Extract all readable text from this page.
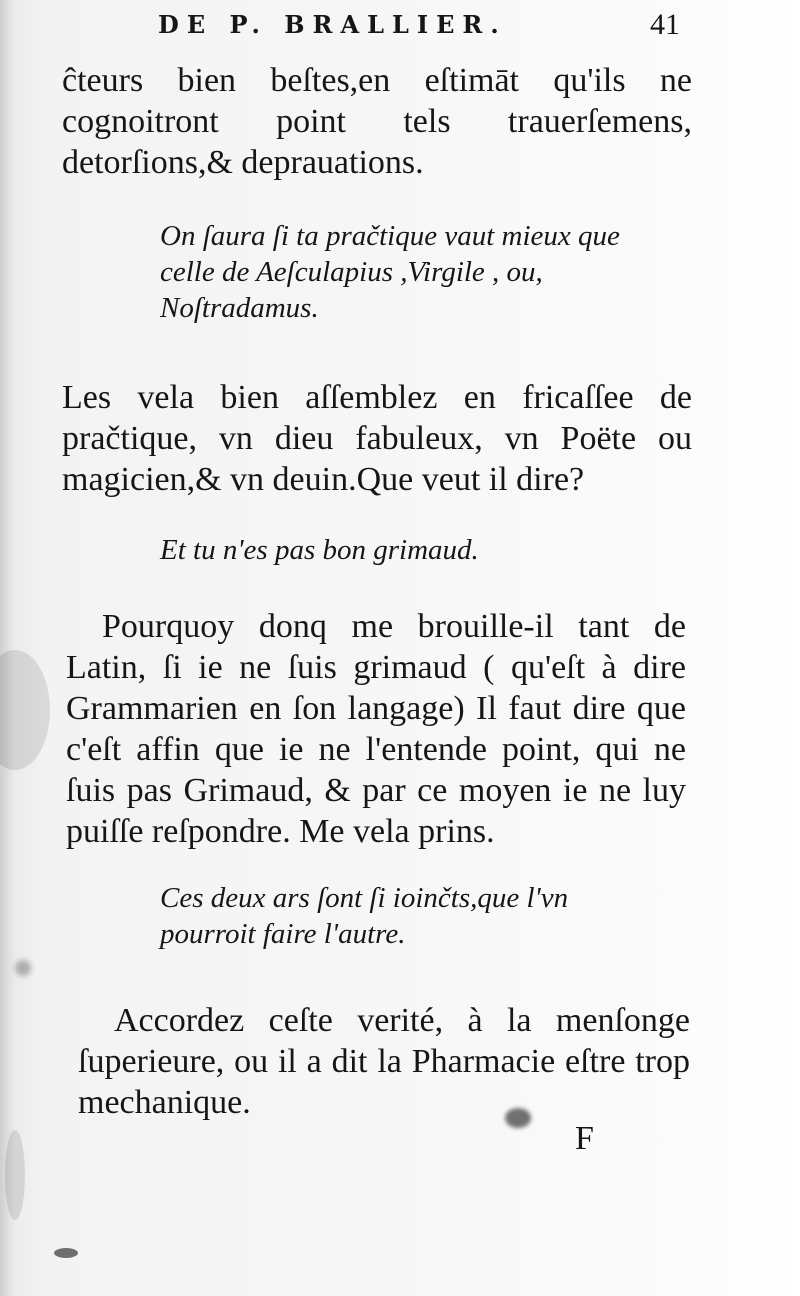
DE P. BRALLIER.	41
ĉteurs bien beſtes,en eſtimāt qu'ils ne cognoitront point tels trauerſemens, detorſions,& deprauations.
On ſaura ſi ta pračtique vaut mieux que celle de Aeſculapius ,Virgile , ou, Noſtradamus.
Les vela bien aſſemblez en fricaſſee de pračtique, vn dieu fabuleux, vn Poëte ou magicien,& vn deuin.Que veut il dire?
Et tu n'es pas bon grimaud.
Pourquoy donq me brouille-il tant de Latin, ſi ie ne ſuis grimaud ( qu'eſt à dire Grammarien en ſon langage) Il faut dire que c'eſt affin que ie ne l'entende point, qui ne ſuis pas Grimaud, & par ce moyen ie ne luy puiſſe reſpondre. Me vela prins.
Ces deux ars ſont ſi ioinčts,que l'vn pourroit faire l'autre.
Accordez ceſte verité, à la menſonge ſuperieure, ou il a dit la Pharmacie eſtre trop mechanique.
F
